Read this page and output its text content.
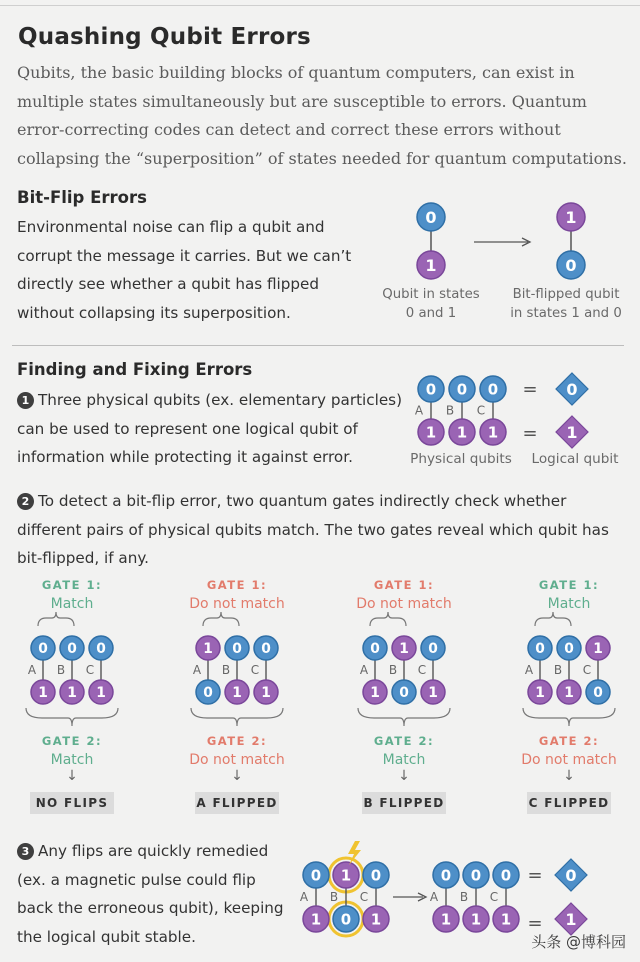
Quashing Qubit Errors
Qubits, the basic building blocks of quantum computers, can exist in multiple states simultaneously but are susceptible to errors. Quantum error-correcting codes can detect and correct these errors without collapsing the “superposition” of states needed for quantum computations.
Bit-Flip Errors
Environmental noise can flip a qubit and corrupt the message it carries. But we can’t directly see whether a qubit has flipped without collapsing its superposition.
0
1
1
0
Qubit in states
0 and 1
Bit-flipped qubit
in states 1 and 0
Finding and Fixing Errors
1 Three physical qubits (ex. elementary particles) can be used to represent one logical qubit of information while protecting it against error.
0
1
A
0
1
B
0
1
C
=
=
0
1
Physical qubits	Logical qubit
2 To detect a bit-flip error, two quantum gates indirectly check whether different pairs of physical qubits match. The two gates reveal which qubit has bit-flipped, if any.
GATE 1:
Match
0
1
A
0
1
B
0
1
C
GATE 2:
Match
↓
NO FLIPS
GATE 1:
Do not match
1
0
A
0
1
B
0
1
C
GATE 2:
Do not match
↓
A FLIPPED
GATE 1:
Do not match
0
1
A
1
0
B
0
1
C
GATE 2:
Match
↓
B FLIPPED
GATE 1:
Match
0
1
A
0
1
B
1
0
C
GATE 2:
Do not match
↓
C FLIPPED
3 Any flips are quickly remedied (ex. a magnetic pulse could flip back the erroneous qubit), keeping the logical qubit stable.
0
1
A
1
0
B
0
1
C
0
1
A
0
1
B
0
1
C
=
=
0
1
头条 @博科园
